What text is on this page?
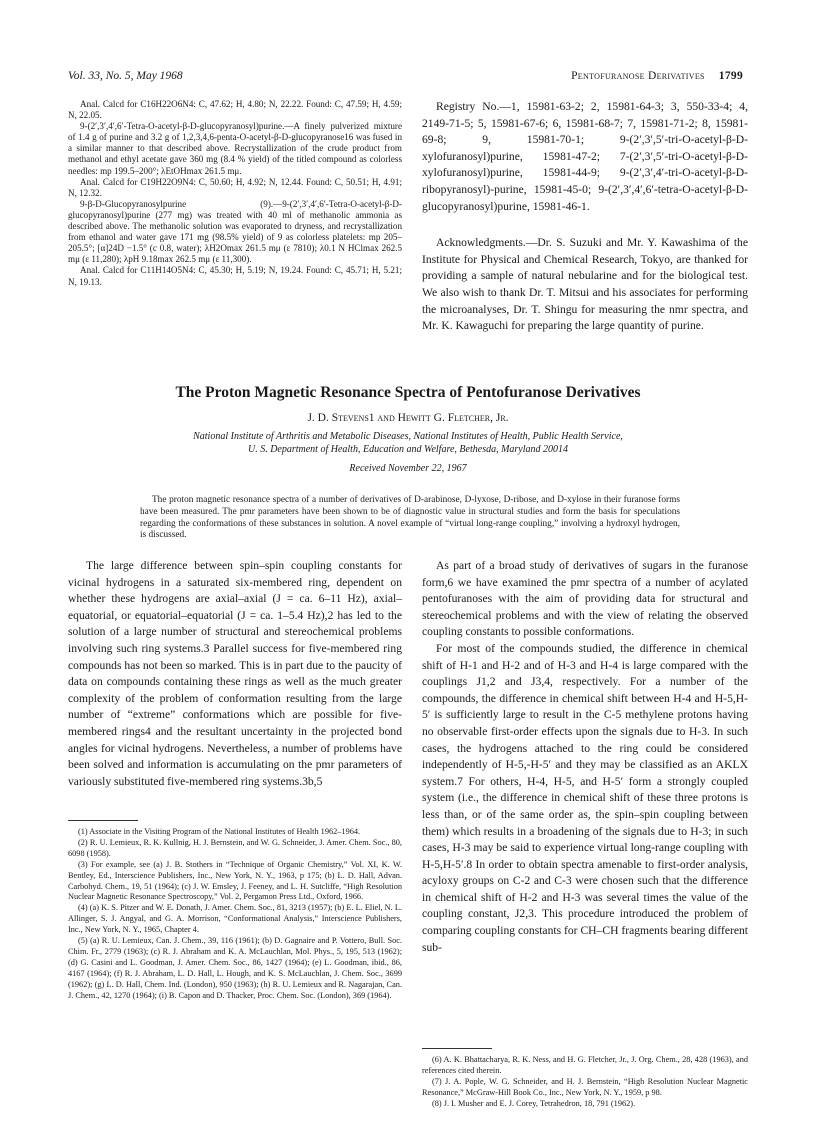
Vol. 33, No. 5, May 1968	Pentofuranose Derivatives 1799

Anal. Calcd for C16H22O6N4: C, 47.62; H, 4.80; N, 22.22. Found: C, 47.59; H, 4.59; N, 22.05.

9-(2′,3′,4′,6′-Tetra-O-acetyl-β-D-glucopyranosyl)purine.—A finely pulverized mixture of 1.4 g of purine and 3.2 g of 1,2,3,4,6-penta-O-acetyl-β-D-glucopyranose16 was fused in a similar manner to that described above. Recrystallization of the crude product from methanol and ethyl acetate gave 360 mg (8.4 % yield) of the titled compound as colorless needles: mp 199.5–200°; λEtOHmax 261.5 mμ.

Anal. Calcd for C19H22O9N4: C, 50.60; H, 4.92; N, 12.44. Found: C, 50.51; H, 4.91; N, 12.32.

9-β-D-Glucopyranosylpurine (9).—9-(2′,3′,4′,6′-Tetra-O-acetyl-β-D-glucopyranosyl)purine (277 mg) was treated with 40 ml of methanolic ammonia as described above. The methanolic solution was evaporated to dryness, and recrystallization from ethanol and water gave 171 mg (98.5% yield) of 9 as colorless platelets: mp 205–205.5°; [α]24D −1.5° (c 0.8, water); λH2Omax 261.5 mμ (ε 7810); λ0.1 N HClmax 262.5 mμ (ε 11,280); λpH 9.18max 262.5 mμ (ε 11,300).

Anal. Calcd for C11H14O5N4: C, 45.30; H, 5.19; N, 19.24. Found: C, 45.71; H, 5.21; N, 19.13.

Registry No.—1, 15981-63-2; 2, 15981-64-3; 3, 550-33-4; 4, 2149-71-5; 5, 15981-67-6; 6, 15981-68-7; 7, 15981-71-2; 8, 15981-69-8; 9, 15981-70-1; 9-(2′,3′,5′-tri-O-acetyl-β-D-xylofuranosyl)purine, 15981-47-2; 7-(2′,3′,5′-tri-O-acetyl-β-D-xylofuranosyl)purine, 15981-44-9; 9-(2′,3′,4′-tri-O-acetyl-β-D-ribopyranosyl)-purine, 15981-45-0; 9-(2′,3′,4′,6′-tetra-O-acetyl-β-D-glucopyranosyl)purine, 15981-46-1.

Acknowledgments.—Dr. S. Suzuki and Mr. Y. Kawashima of the Institute for Physical and Chemical Research, Tokyo, are thanked for providing a sample of natural nebularine and for the biological test. We also wish to thank Dr. T. Mitsui and his associates for performing the microanalyses, Dr. T. Shingu for measuring the nmr spectra, and Mr. K. Kawaguchi for preparing the large quantity of purine.

The Proton Magnetic Resonance Spectra of Pentofuranose Derivatives
J. D. Stevens1 and Hewitt G. Fletcher, Jr.
National Institute of Arthritis and Metabolic Diseases, National Institutes of Health, Public Health Service,
U. S. Department of Health, Education and Welfare, Bethesda, Maryland 20014
Received November 22, 1967

The proton magnetic resonance spectra of a number of derivatives of D-arabinose, D-lyxose, D-ribose, and D-xylose in their furanose forms have been measured. The pmr parameters have been shown to be of diagnostic value in structural studies and form the basis for speculations regarding the conformations of these substances in solution. A novel example of “virtual long-range coupling,” involving a hydroxyl hydrogen, is discussed.

The large difference between spin–spin coupling constants for vicinal hydrogens in a saturated six-membered ring, dependent on whether these hydrogens are axial–axial (J = ca. 6–11 Hz), axial–equatorial, or equatorial–equatorial (J = ca. 1–5.4 Hz),2 has led to the solution of a large number of structural and stereochemical problems involving such ring systems.3 Parallel success for five-membered ring compounds has not been so marked. This is in part due to the paucity of data on compounds containing these rings as well as the much greater complexity of the problem of conformation resulting from the large number of “extreme” conformations which are possible for five-membered rings4 and the resultant uncertainty in the projected bond angles for vicinal hydrogens. Nevertheless, a number of problems have been solved and information is accumulating on the pmr parameters of variously substituted five-membered ring systems.3b,5

(1) Associate in the Visiting Program of the National Institutes of Health 1962–1964.

(2) R. U. Lemieux, R. K. Kullnig, H. J. Bernstein, and W. G. Schneider, J. Amer. Chem. Soc., 80, 6098 (1958).

(3) For example, see (a) J. B. Stothers in “Technique of Organic Chemistry,” Vol. XI, K. W. Bentley, Ed., Interscience Publishers, Inc., New York, N. Y., 1963, p 175; (b) L. D. Hall, Advan. Carbohyd. Chem., 19, 51 (1964); (c) J. W. Emsley, J. Feeney, and L. H. Sutcliffe, “High Resolution Nuclear Magnetic Resonance Spectroscopy,” Vol. 2, Pergamon Press Ltd., Oxford, 1966.

(4) (a) K. S. Pitzer and W. E. Donath, J. Amer. Chem. Soc., 81, 3213 (1957); (b) E. L. Eliel, N. L. Allinger, S. J. Angyal, and G. A. Morrison, “Conformational Analysis,” Interscience Publishers, Inc., New York, N. Y., 1965, Chapter 4.

(5) (a) R. U. Lemieux, Can. J. Chem., 39, 116 (1961); (b) D. Gagnaire and P. Vottero, Bull. Soc. Chim. Fr., 2779 (1963); (c) R. J. Abraham and K. A. McLauchlan, Mol. Phys., 5, 195, 513 (1962); (d) G. Casini and L. Goodman, J. Amer. Chem. Soc., 86, 1427 (1964); (e) L. Goodman, ibid., 86, 4167 (1964); (f) R. J. Abraham, L. D. Hall, L. Hough, and K. S. McLauchlan, J. Chem. Soc., 3699 (1962); (g) L. D. Hall, Chem. Ind. (London), 950 (1963); (h) R. U. Lemieux and R. Nagarajan, Can. J. Chem., 42, 1270 (1964); (i) B. Capon and D. Thacker, Proc. Chem. Soc. (London), 369 (1964).

As part of a broad study of derivatives of sugars in the furanose form,6 we have examined the pmr spectra of a number of acylated pentofuranoses with the aim of providing data for structural and stereochemical problems and with the view of relating the observed coupling constants to possible conformations.

For most of the compounds studied, the difference in chemical shift of H-1 and H-2 and of H-3 and H-4 is large compared with the couplings J1,2 and J3,4, respectively. For a number of the compounds, the difference in chemical shift between H-4 and H-5,H-5′ is sufficiently large to result in the C-5 methylene protons having no observable first-order effects upon the signals due to H-3. In such cases, the hydrogens attached to the ring could be considered independently of H-5,-H-5′ and they may be classified as an AKLX system.7 For others, H-4, H-5, and H-5′ form a strongly coupled system (i.e., the difference in chemical shift of these three protons is less than, or of the same order as, the spin–spin coupling between them) which results in a broadening of the signals due to H-3; in such cases, H-3 may be said to experience virtual long-range coupling with H-5,H-5′.8 In order to obtain spectra amenable to first-order analysis, acyloxy groups on C-2 and C-3 were chosen such that the difference in chemical shift of H-2 and H-3 was several times the value of the coupling constant, J2,3. This procedure introduced the problem of comparing coupling constants for CH–CH fragments bearing different sub-

(6) A. K. Bhattacharya, R. K. Ness, and H. G. Fletcher, Jr., J. Org. Chem., 28, 428 (1963), and references cited therein.

(7) J. A. Pople, W. G. Schneider, and H. J. Bernstein, “High Resolution Nuclear Magnetic Resonance,” McGraw-Hill Book Co., Inc., New York, N. Y., 1959, p 98.

(8) J. I. Musher and E. J. Corey, Tetrahedron, 18, 791 (1962).
